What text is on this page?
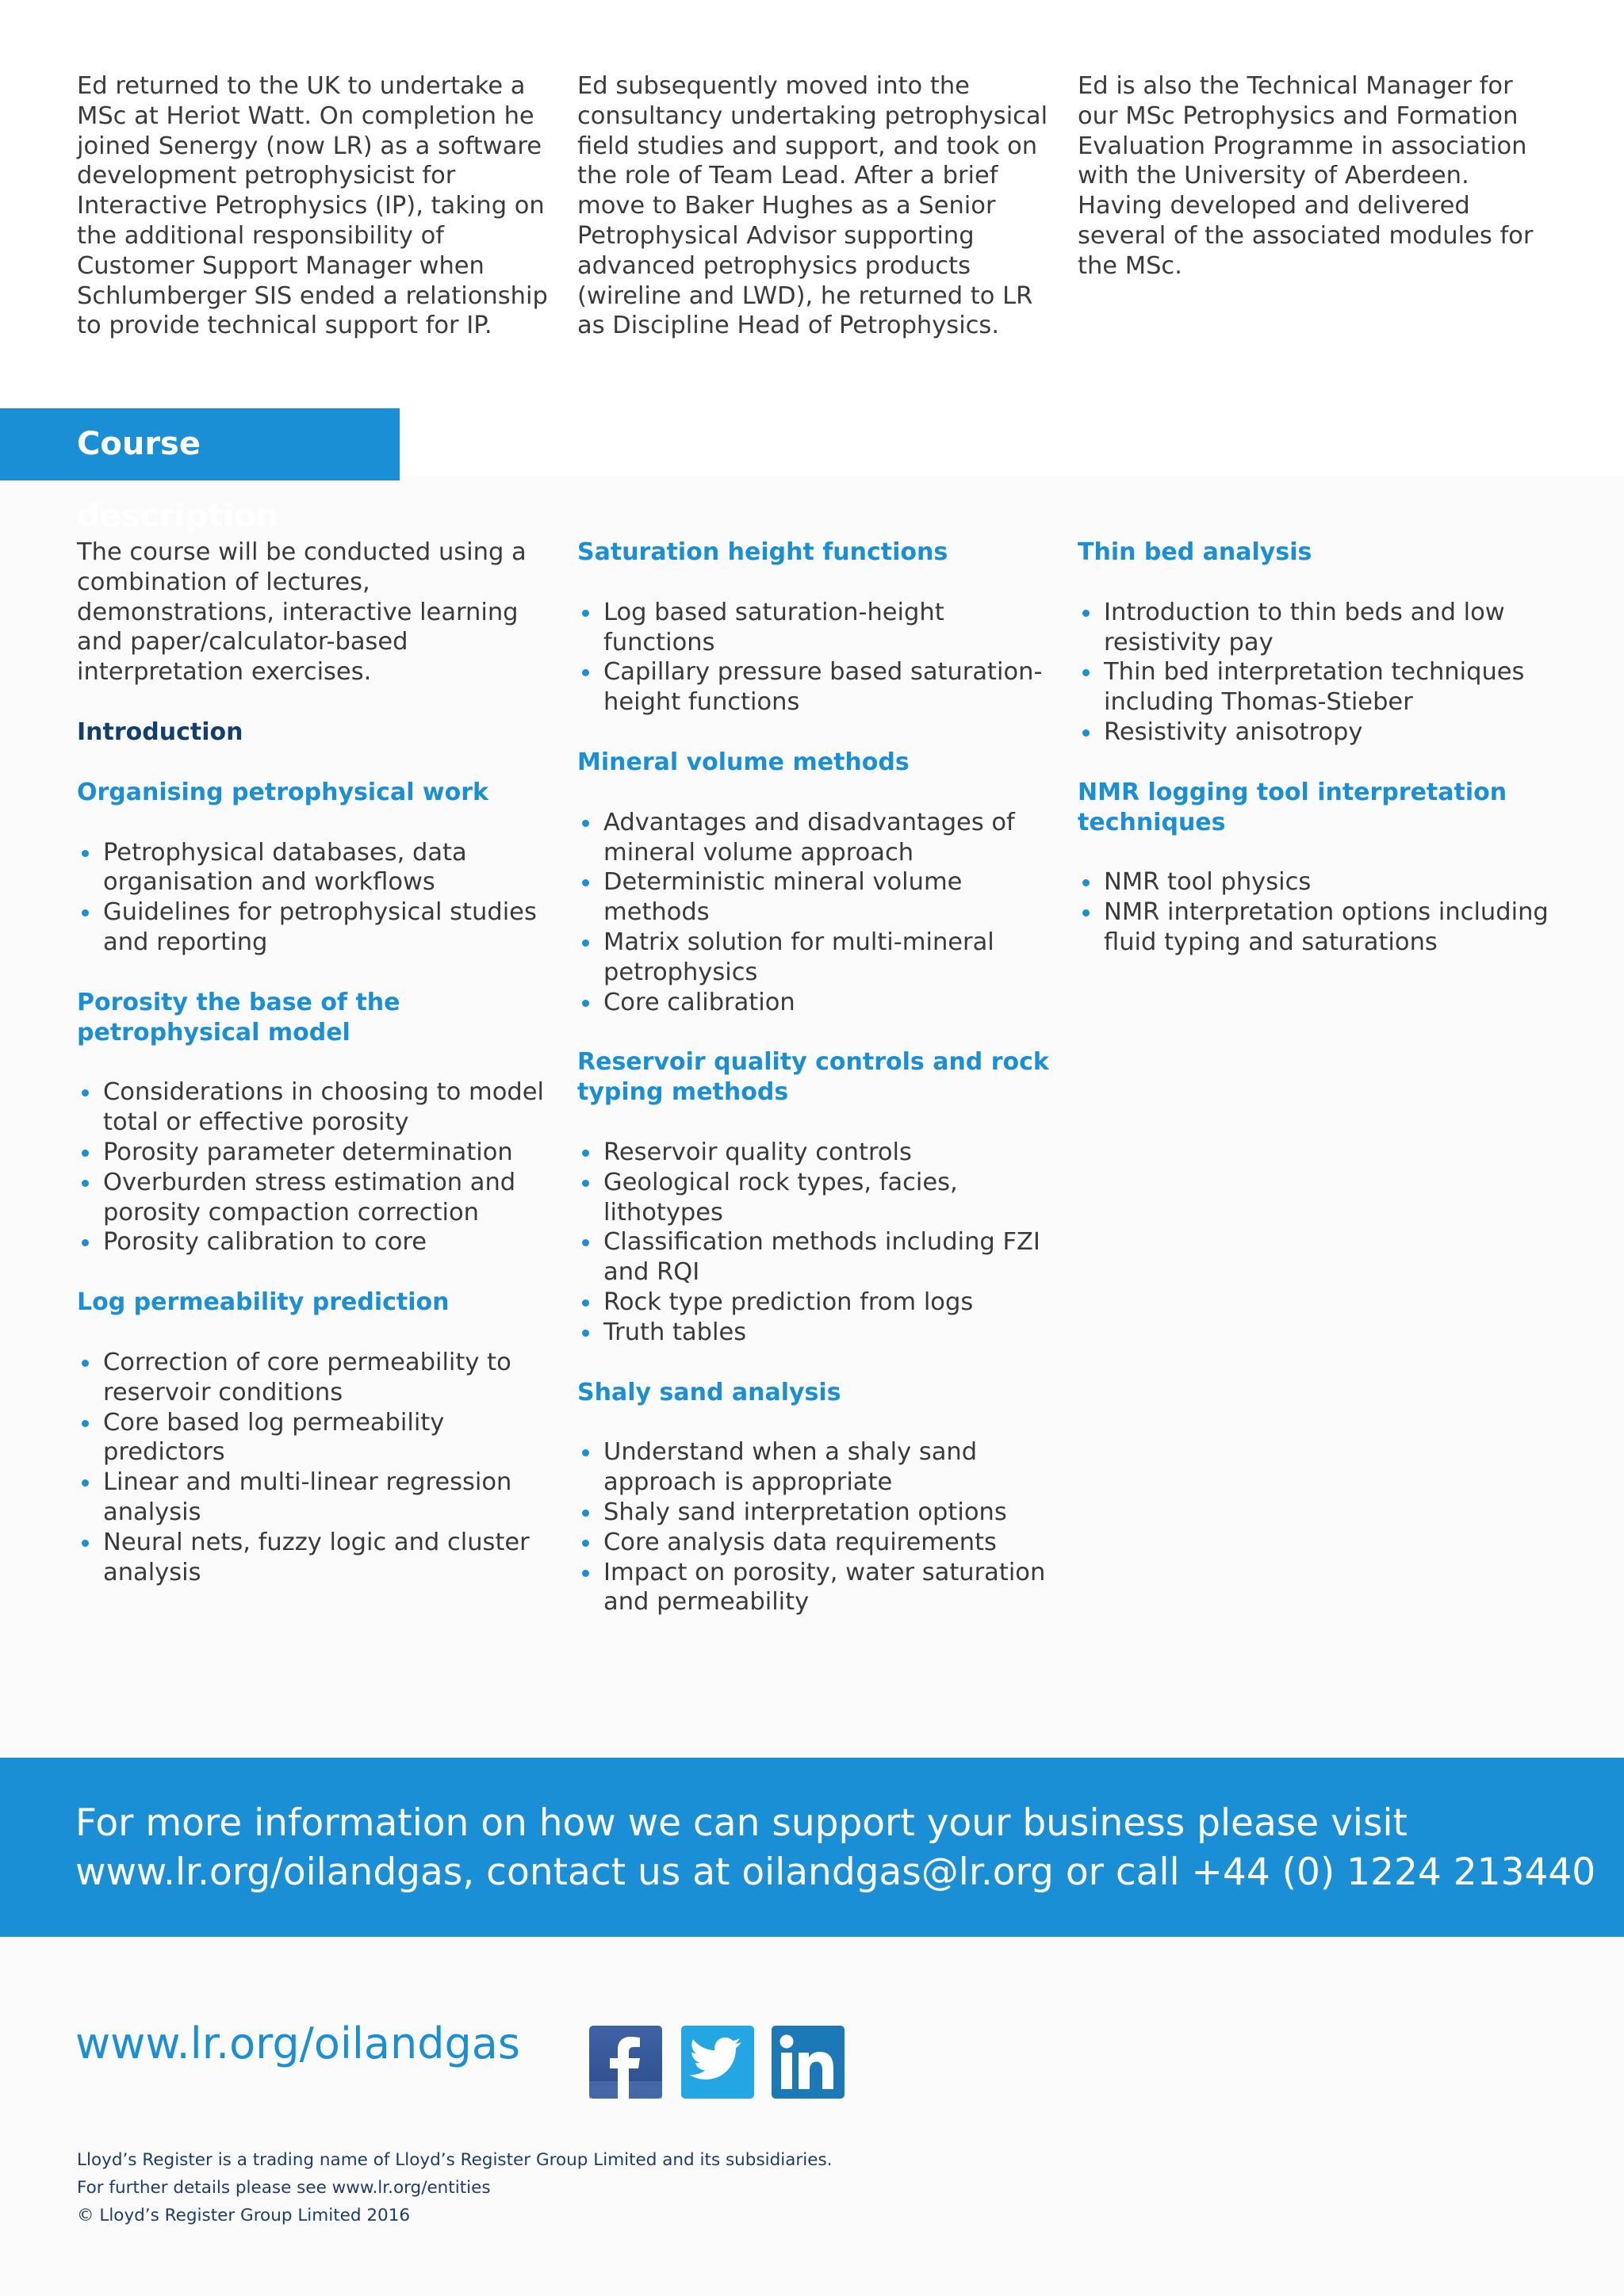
Ed returned to the UK to undertake a MSc at Heriot Watt. On completion he joined Senergy (now LR) as a software development petrophysicist for Interactive Petrophysics (IP), taking on the additional responsibility of Customer Support Manager when Schlumberger SIS ended a relationship to provide technical support for IP.
Ed subsequently moved into the consultancy undertaking petrophysical field studies and support, and took on the role of Team Lead. After a brief move to Baker Hughes as a Senior Petrophysical Advisor supporting advanced petrophysics products (wireline and LWD), he returned to LR as Discipline Head of Petrophysics.
Ed is also the Technical Manager for our MSc Petrophysics and Formation Evaluation Programme in association with the University of Aberdeen. Having developed and delivered several of the associated modules for the MSc.
Course description

The course will be conducted using a combination of lectures, demonstrations, interactive learning and paper/calculator-based interpretation exercises.

Introduction
Organising petrophysical work
Petrophysical databases, data organisation and workflows
Guidelines for petrophysical studies and reporting
Porosity the base of the petrophysical model
Considerations in choosing to model total or effective porosity
Porosity parameter determination
Overburden stress estimation and porosity compaction correction
Porosity calibration to core
Log permeability prediction
Correction of core permeability to reservoir conditions
Core based log permeability predictors
Linear and multi-linear regression analysis
Neural nets, fuzzy logic and cluster analysis
Saturation height functions
Log based saturation-height functions
Capillary pressure based saturation-height functions
Mineral volume methods
Advantages and disadvantages of mineral volume approach
Deterministic mineral volume methods
Matrix solution for multi-mineral petrophysics
Core calibration
Reservoir quality controls and rock typing methods
Reservoir quality controls
Geological rock types, facies, lithotypes
Classification methods including FZI and RQI
Rock type prediction from logs
Truth tables
Shaly sand analysis
Understand when a shaly sand approach is appropriate
Shaly sand interpretation options
Core analysis data requirements
Impact on porosity, water saturation and permeability
Thin bed analysis
Introduction to thin beds and low resistivity pay
Thin bed interpretation techniques including Thomas-Stieber
Resistivity anisotropy
NMR logging tool interpretation techniques
NMR tool physics
NMR interpretation options including fluid typing and saturations
For more information on how we can support your business please visit
www.lr.org/oilandgas, contact us at oilandgas@lr.org or call +44 (0) 1224 213440
www.lr.org/oilandgas
Lloyd’s Register is a trading name of Lloyd’s Register Group Limited and its subsidiaries.
For further details please see www.lr.org/entities
© Lloyd’s Register Group Limited 2016
